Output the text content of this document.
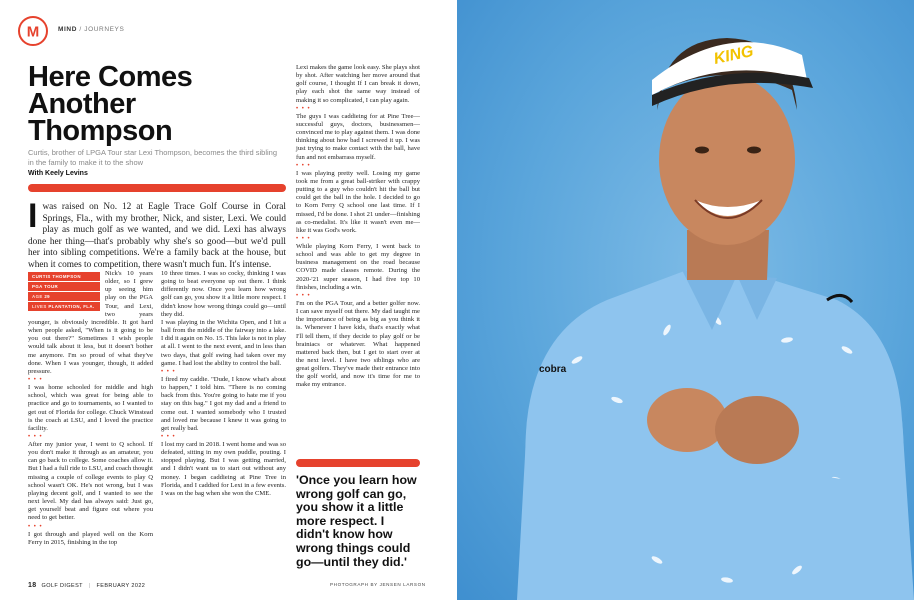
M	MIND / JOURNEYS
Here Comes
Another
Thompson
Curtis, brother of LPGA Tour star Lexi Thompson, becomes the third sibling in the family to make it to the show
With Keely Levins
I was raised on No. 12 at Eagle Trace Golf Course in Coral Springs, Fla., with my brother, Nick, and sister, Lexi. We could play as much golf as we wanted, and we did. Lexi has always done her thing—that's probably why she's so good—but we'd pull her into sibling competitions. We're a family back at the house, but when it comes to competition, there wasn't much fun. It's intense.
CURTIS THOMPSON
PGA TOUR
AGE 29
LIVES PLANTATION, FLA.

Nick's 10 years older, so I grew up seeing him play on the PGA Tour, and Lexi, two years younger, is obviously incredible. It got hard when people asked, "When is it going to be you out there?" Sometimes I wish people would talk about it less, but it doesn't bother me anymore. I'm so proud of what they've done. When I was younger, though, it added pressure.

• • •

I was home schooled for middle and high school, which was great for being able to practice and go to tournaments, so I wanted to get out of Florida for college. Chuck Winstead is the coach at LSU, and I loved the practice facility.

• • •

After my junior year, I went to Q school. If you don't make it through as an amateur, you can go back to college. Some coaches allow it. But I had a full ride to LSU, and coach thought missing a couple of college events to play Q school wasn't OK. He's not wrong, but I was playing decent golf, and I wanted to see the next level. My dad has always said: Just go, get yourself beat and figure out where you need to get better.

• • •

I got through and played well on the Korn Ferry in 2015, finishing in the top

10 three times. I was so cocky, thinking I was going to beat everyone up out there. I think differently now. Once you learn how wrong golf can go, you show it a little more respect. I didn't know how wrong things could go—until they did.

I was playing in the Wichita Open, and I hit a ball from the middle of the fairway into a lake. I did it again on No. 15. This lake is not in play at all. I went to the next event, and in less than two days, that golf swing had taken over my game. I had lost the ability to control the ball.

• • •

I fired my caddie. "Dude, I know what's about to happen," I told him. "There is no coming back from this. You're going to hate me if you stay on this bag." I got my dad and a friend to come out. I wanted somebody who I trusted and loved me because I knew it was going to get really bad.

• • •

I lost my card in 2018. I went home and was so defeated, sitting in my own puddle, pouting. I stopped playing. But I was getting married, and I didn't want us to start out without any money. I began caddieing at Pine Tree in Florida, and I caddied for Lexi in a few events. I was on the bag when she won the CME.

Lexi makes the game look easy. She plays shot by shot. After watching her move around that golf course, I thought If I can break it down, play each shot the same way instead of making it so complicated, I can play again.

• • •

The guys I was caddieing for at Pine Tree—successful guys, doctors, businessmen—convinced me to play against them. I was done thinking about how bad I screwed it up. I was just trying to make contact with the ball, have fun and not embarrass myself.

• • •

I was playing pretty well. Losing my game took me from a great ball-striker with crappy putting to a guy who couldn't hit the ball but could get the ball in the hole. I decided to go to Korn Ferry Q school one last time. If I missed, I'd be done. I shot 21 under—finishing as co-medalist. It's like it wasn't even me—like it was God's work.

• • •

While playing Korn Ferry, I went back to school and was able to get my degree in business management on the road because COVID made classes remote. During the 2020-'21 super season, I had five top 10 finishes, including a win.

• • •

I'm on the PGA Tour, and a better golfer now. I can save myself out there. My dad taught me the importance of being as big as you think it is. Whenever I have kids, that's exactly what I'll tell them, if they decide to play golf or be brainiacs or whatever. What happened mattered back then, but I get to start over at the next level. I have two siblings who are great golfers. They've made their entrance into the golf world, and now it's time for me to make my entrance.

'Once you learn how wrong golf can go, you show it a little more respect. I didn't know how wrong things could go—until they did.'
18 GOLF DIGEST | FEBRUARY 2022	PHOTOGRAPH BY JENSEN LARSON
KING
cobra
